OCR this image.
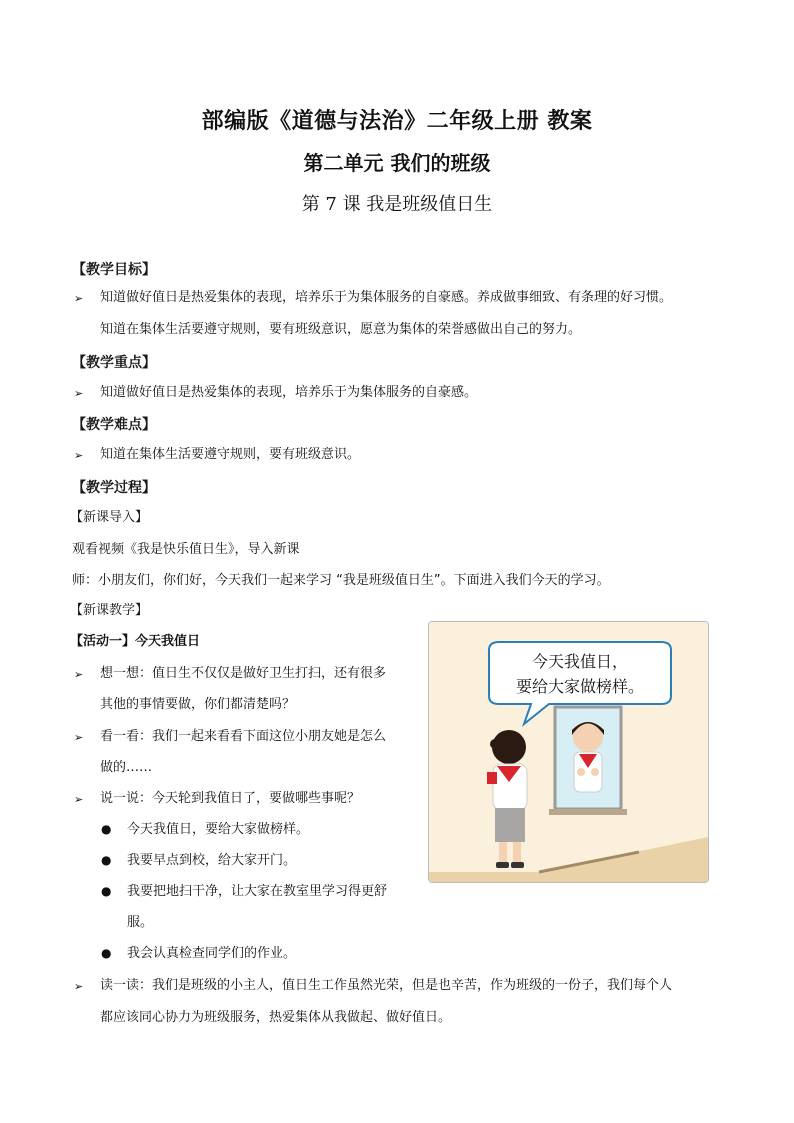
部编版《道德与法治》二年级上册 教案
第二单元 我们的班级
第 7 课 我是班级值日生
【教学目标】
➢ 知道做好值日是热爱集体的表现，培养乐于为集体服务的自豪感。养成做事细致、有条理的好习惯。
知道在集体生活要遵守规则，要有班级意识，愿意为集体的荣誉感做出自己的努力。
【教学重点】
➢ 知道做好值日是热爱集体的表现，培养乐于为集体服务的自豪感。
【教学难点】
➢ 知道在集体生活要遵守规则，要有班级意识。
【教学过程】
【新课导入】
观看视频《我是快乐值日生》，导入新课
师：小朋友们，你们好，今天我们一起来学习 “我是班级值日生”。下面进入我们今天的学习。
【新课教学】
【活动一】今天我值日
➢ 想一想：值日生不仅仅是做好卫生打扫，还有很多
其他的事情要做，你们都清楚吗？
➢ 看一看：我们一起来看看下面这位小朋友她是怎么
做的……
➢ 说一说：今天轮到我值日了，要做哪些事呢？
● 今天我值日，要给大家做榜样。
● 我要早点到校，给大家开门。
● 我要把地扫干净，让大家在教室里学习得更舒
服。
● 我会认真检查同学们的作业。
➢ 读一读：我们是班级的小主人，值日生工作虽然光荣，但是也辛苦，作为班级的一份子，我们每个人
都应该同心协力为班级服务，热爱集体从我做起、做好值日。
今天我值日，
要给大家做榜样。
